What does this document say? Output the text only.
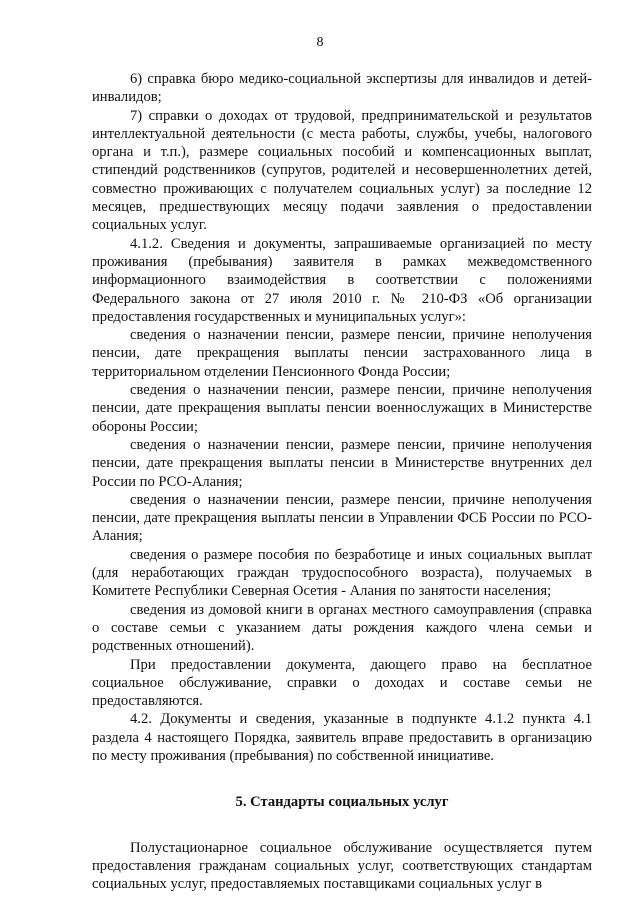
8

6) справка бюро медико-социальной экспертизы для инвалидов и детей-инвалидов;

7) справки о доходах от трудовой, предпринимательской и результатов интеллектуальной деятельности (с места работы, службы, учебы, налогового органа и т.п.), размере социальных пособий и компенсационных выплат, стипендий родственников (супругов, родителей и несовершеннолетних детей, совместно проживающих с получателем социальных услуг) за последние 12 месяцев, предшествующих месяцу подачи заявления о предоставлении социальных услуг.

4.1.2. Сведения и документы, запрашиваемые организацией по месту проживания (пребывания) заявителя в рамках межведомственного информационного взаимодействия в соответствии с положениями Федерального закона от 27 июля 2010 г. № 210-ФЗ «Об организации предоставления государственных и муниципальных услуг»:

сведения о назначении пенсии, размере пенсии, причине неполучения пенсии, дате прекращения выплаты пенсии застрахованного лица в территориальном отделении Пенсионного Фонда России;

сведения о назначении пенсии, размере пенсии, причине неполучения пенсии, дате прекращения выплаты пенсии военнослужащих в Министерстве обороны России;

сведения о назначении пенсии, размере пенсии, причине неполучения пенсии, дате прекращения выплаты пенсии в Министерстве внутренних дел России по РСО-Алания;

сведения о назначении пенсии, размере пенсии, причине неполучения пенсии, дате прекращения выплаты пенсии в Управлении ФСБ России по РСО-Алания;

сведения о размере пособия по безработице и иных социальных выплат (для неработающих граждан трудоспособного возраста), получаемых в Комитете Республики Северная Осетия - Алания по занятости населения;

сведения из домовой книги в органах местного самоуправления (справка о составе семьи с указанием даты рождения каждого члена семьи и родственных отношений).

При предоставлении документа, дающего право на бесплатное социальное обслуживание, справки о доходах и составе семьи не предоставляются.

4.2. Документы и сведения, указанные в подпункте 4.1.2 пункта 4.1 раздела 4 настоящего Порядка, заявитель вправе предоставить в организацию по месту проживания (пребывания) по собственной инициативе.

5. Стандарты социальных услуг

Полустационарное социальное обслуживание осуществляется путем предоставления гражданам социальных услуг, соответствующих стандартам социальных услуг, предоставляемых поставщиками социальных услуг в
